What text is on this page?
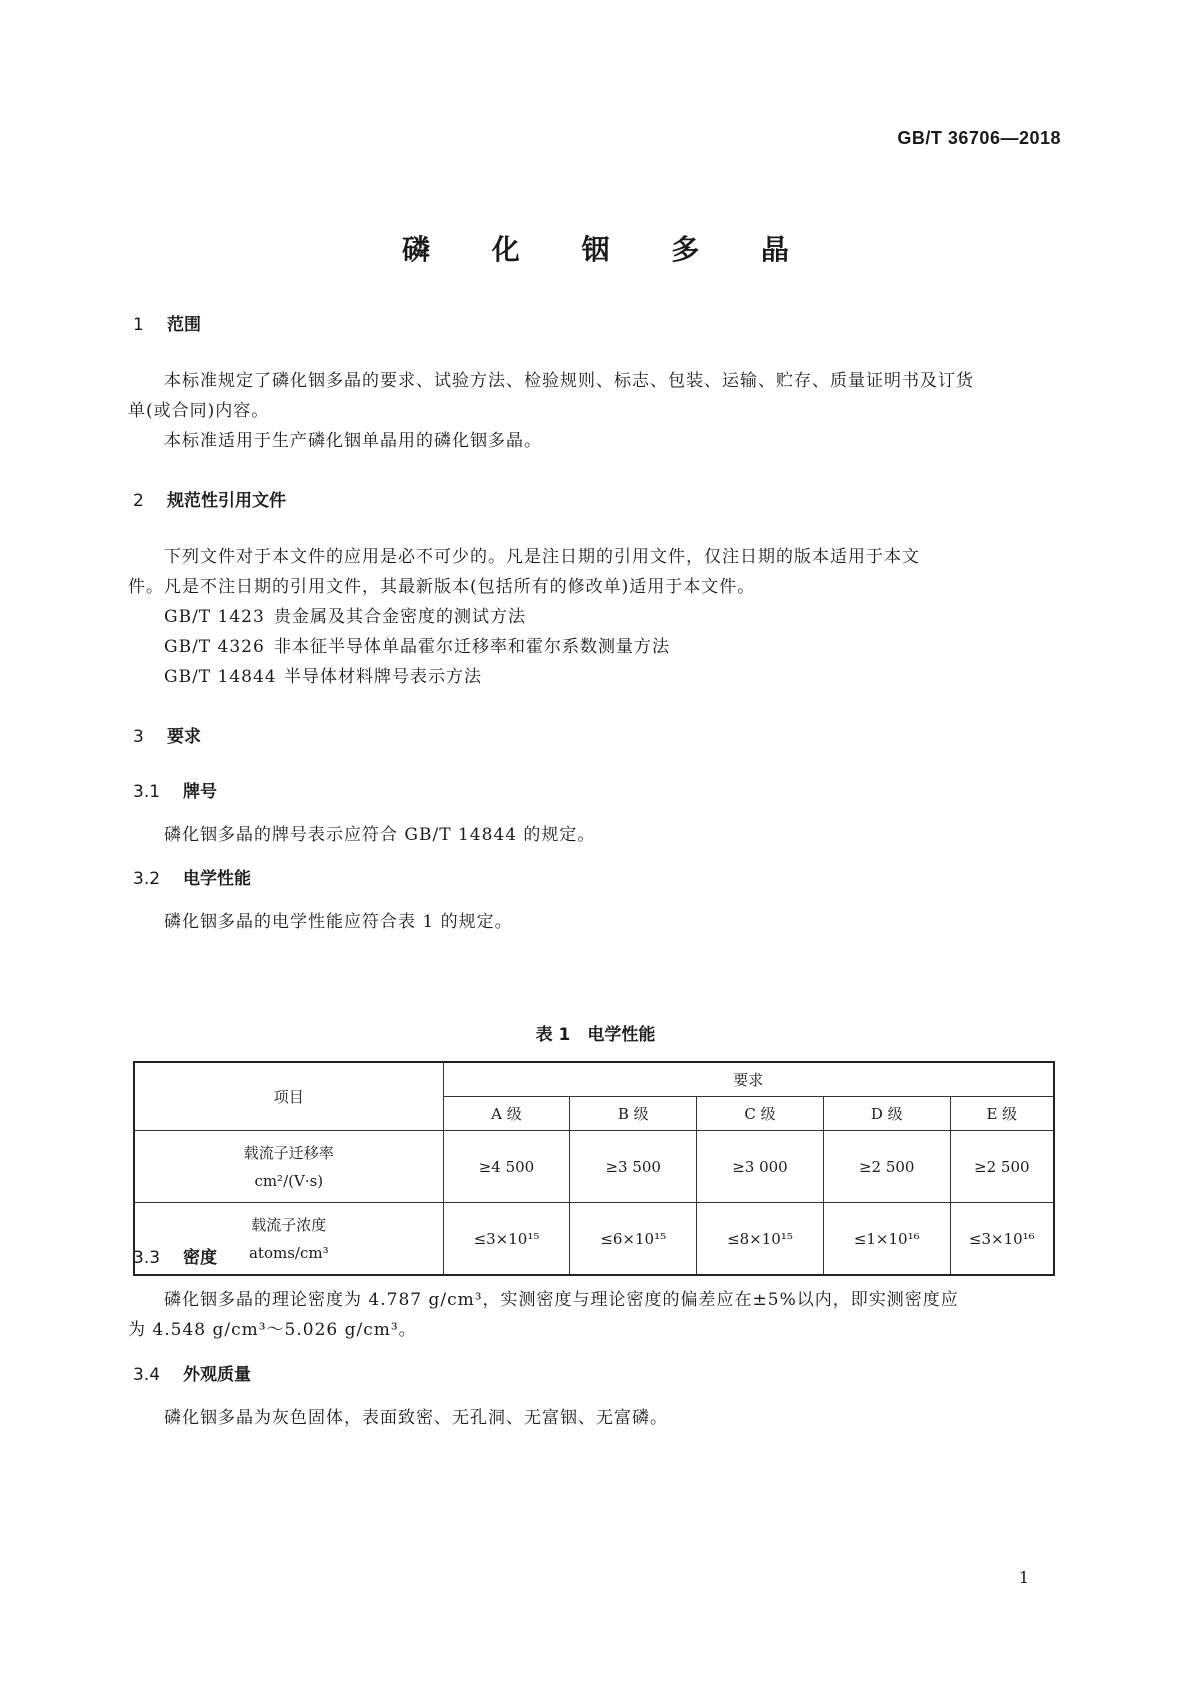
GB/T 36706—2018
磷 化 铟 多 晶
1 范围
本标准规定了磷化铟多晶的要求、试验方法、检验规则、标志、包装、运输、贮存、质量证明书及订货
单(或合同)内容。
本标准适用于生产磷化铟单晶用的磷化铟多晶。
2 规范性引用文件
下列文件对于本文件的应用是必不可少的。凡是注日期的引用文件，仅注日期的版本适用于本文
件。凡是不注日期的引用文件，其最新版本(包括所有的修改单)适用于本文件。
GB/T 1423 贵金属及其合金密度的测试方法
GB/T 4326 非本征半导体单晶霍尔迁移率和霍尔系数测量方法
GB/T 14844 半导体材料牌号表示方法
3 要求
3.1 牌号
磷化铟多晶的牌号表示应符合 GB/T 14844 的规定。
3.2 电学性能
磷化铟多晶的电学性能应符合表 1 的规定。
表 1　电学性能
项目	要求				
	A 级	B 级	C 级	D 级	E 级

载流子迁移率
cm²/(V·s)	≥4 500	≥3 500	≥3 000	≥2 500	≥2 500

载流子浓度
atoms/cm³	≤3×10¹⁵	≤6×10¹⁵	≤8×10¹⁵	≤1×10¹⁶	≤3×10¹⁶
3.3 密度
磷化铟多晶的理论密度为 4.787 g/cm³，实测密度与理论密度的偏差应在±5%以内，即实测密度应
为 4.548 g/cm³～5.026 g/cm³。
3.4 外观质量
磷化铟多晶为灰色固体，表面致密、无孔洞、无富铟、无富磷。
1
